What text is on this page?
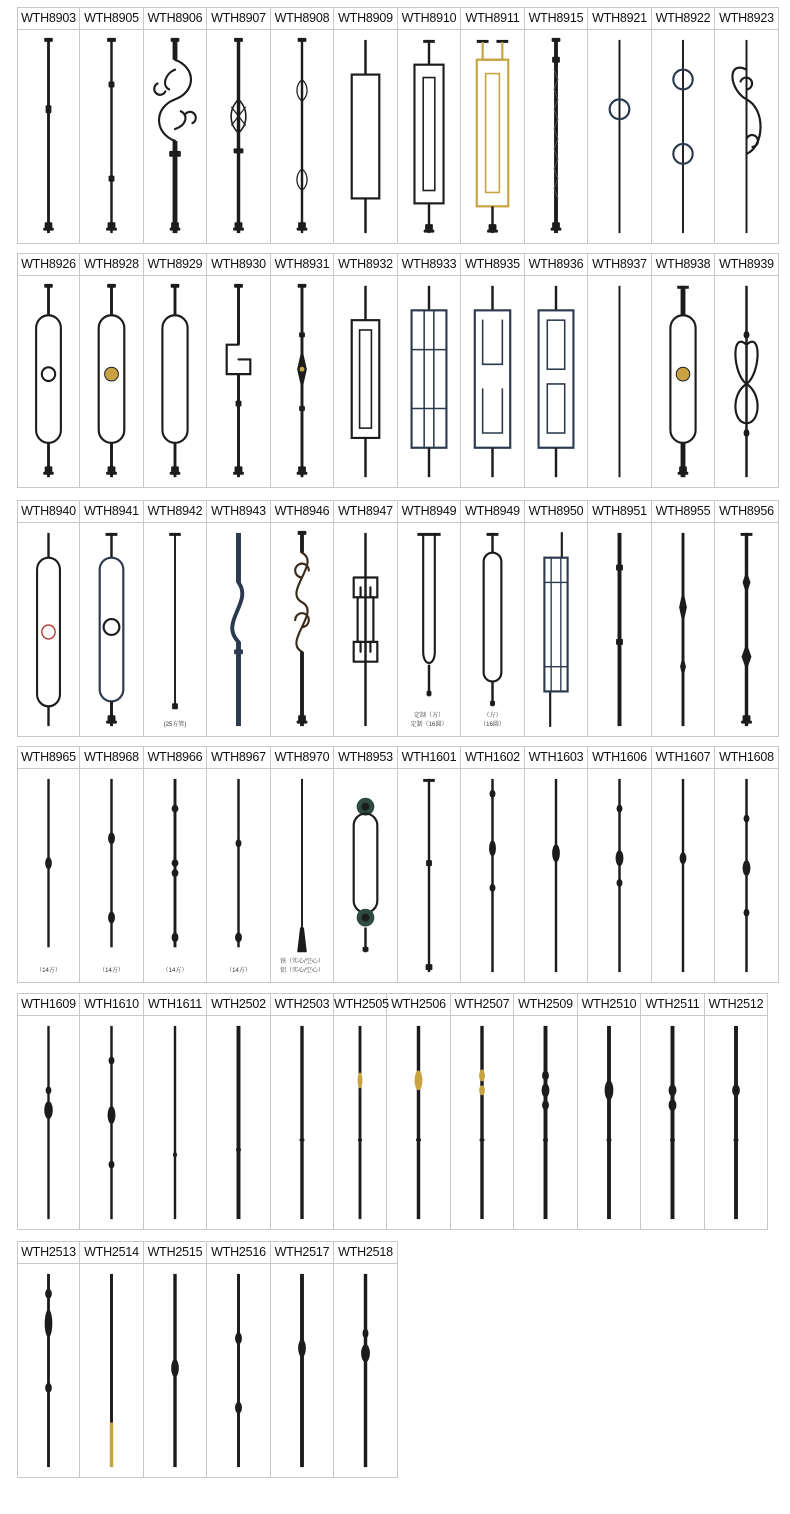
WTH8903 WTH8905 WTH8906 WTH8907 WTH8908 WTH8909 WTH8910 WTH8911 WTH8915 WTH8921 WTH8922 WTH8923
WTH8926 WTH8928 WTH8929 WTH8930 WTH8931 WTH8932 WTH8933 WTH8935 WTH8936 WTH8937 WTH8938 WTH8939
WTH8940 WTH8941 WTH8942
(25方管)
WTH8943 WTH8946 WTH8947 WTH8949
定制（方）
定制（16圆）
WTH8949
（方）
（16圆）
WTH8950 WTH8951 WTH8955 WTH8956
WTH8965
（14方）
WTH8968
（14方）
WTH8966
（14方）
WTH8967
（14方）
WTH8970
铁（实心/空心）
铝（实心/空心）
WTH8953 WTH1601 WTH1602 WTH1603 WTH1606 WTH1607 WTH1608
WTH1609 WTH1610 WTH1611 WTH2502 WTH2503 WTH2505 WTH2506 WTH2507 WTH2509 WTH2510 WTH2511 WTH2512
WTH2513 WTH2514 WTH2515 WTH2516 WTH2517 WTH2518
